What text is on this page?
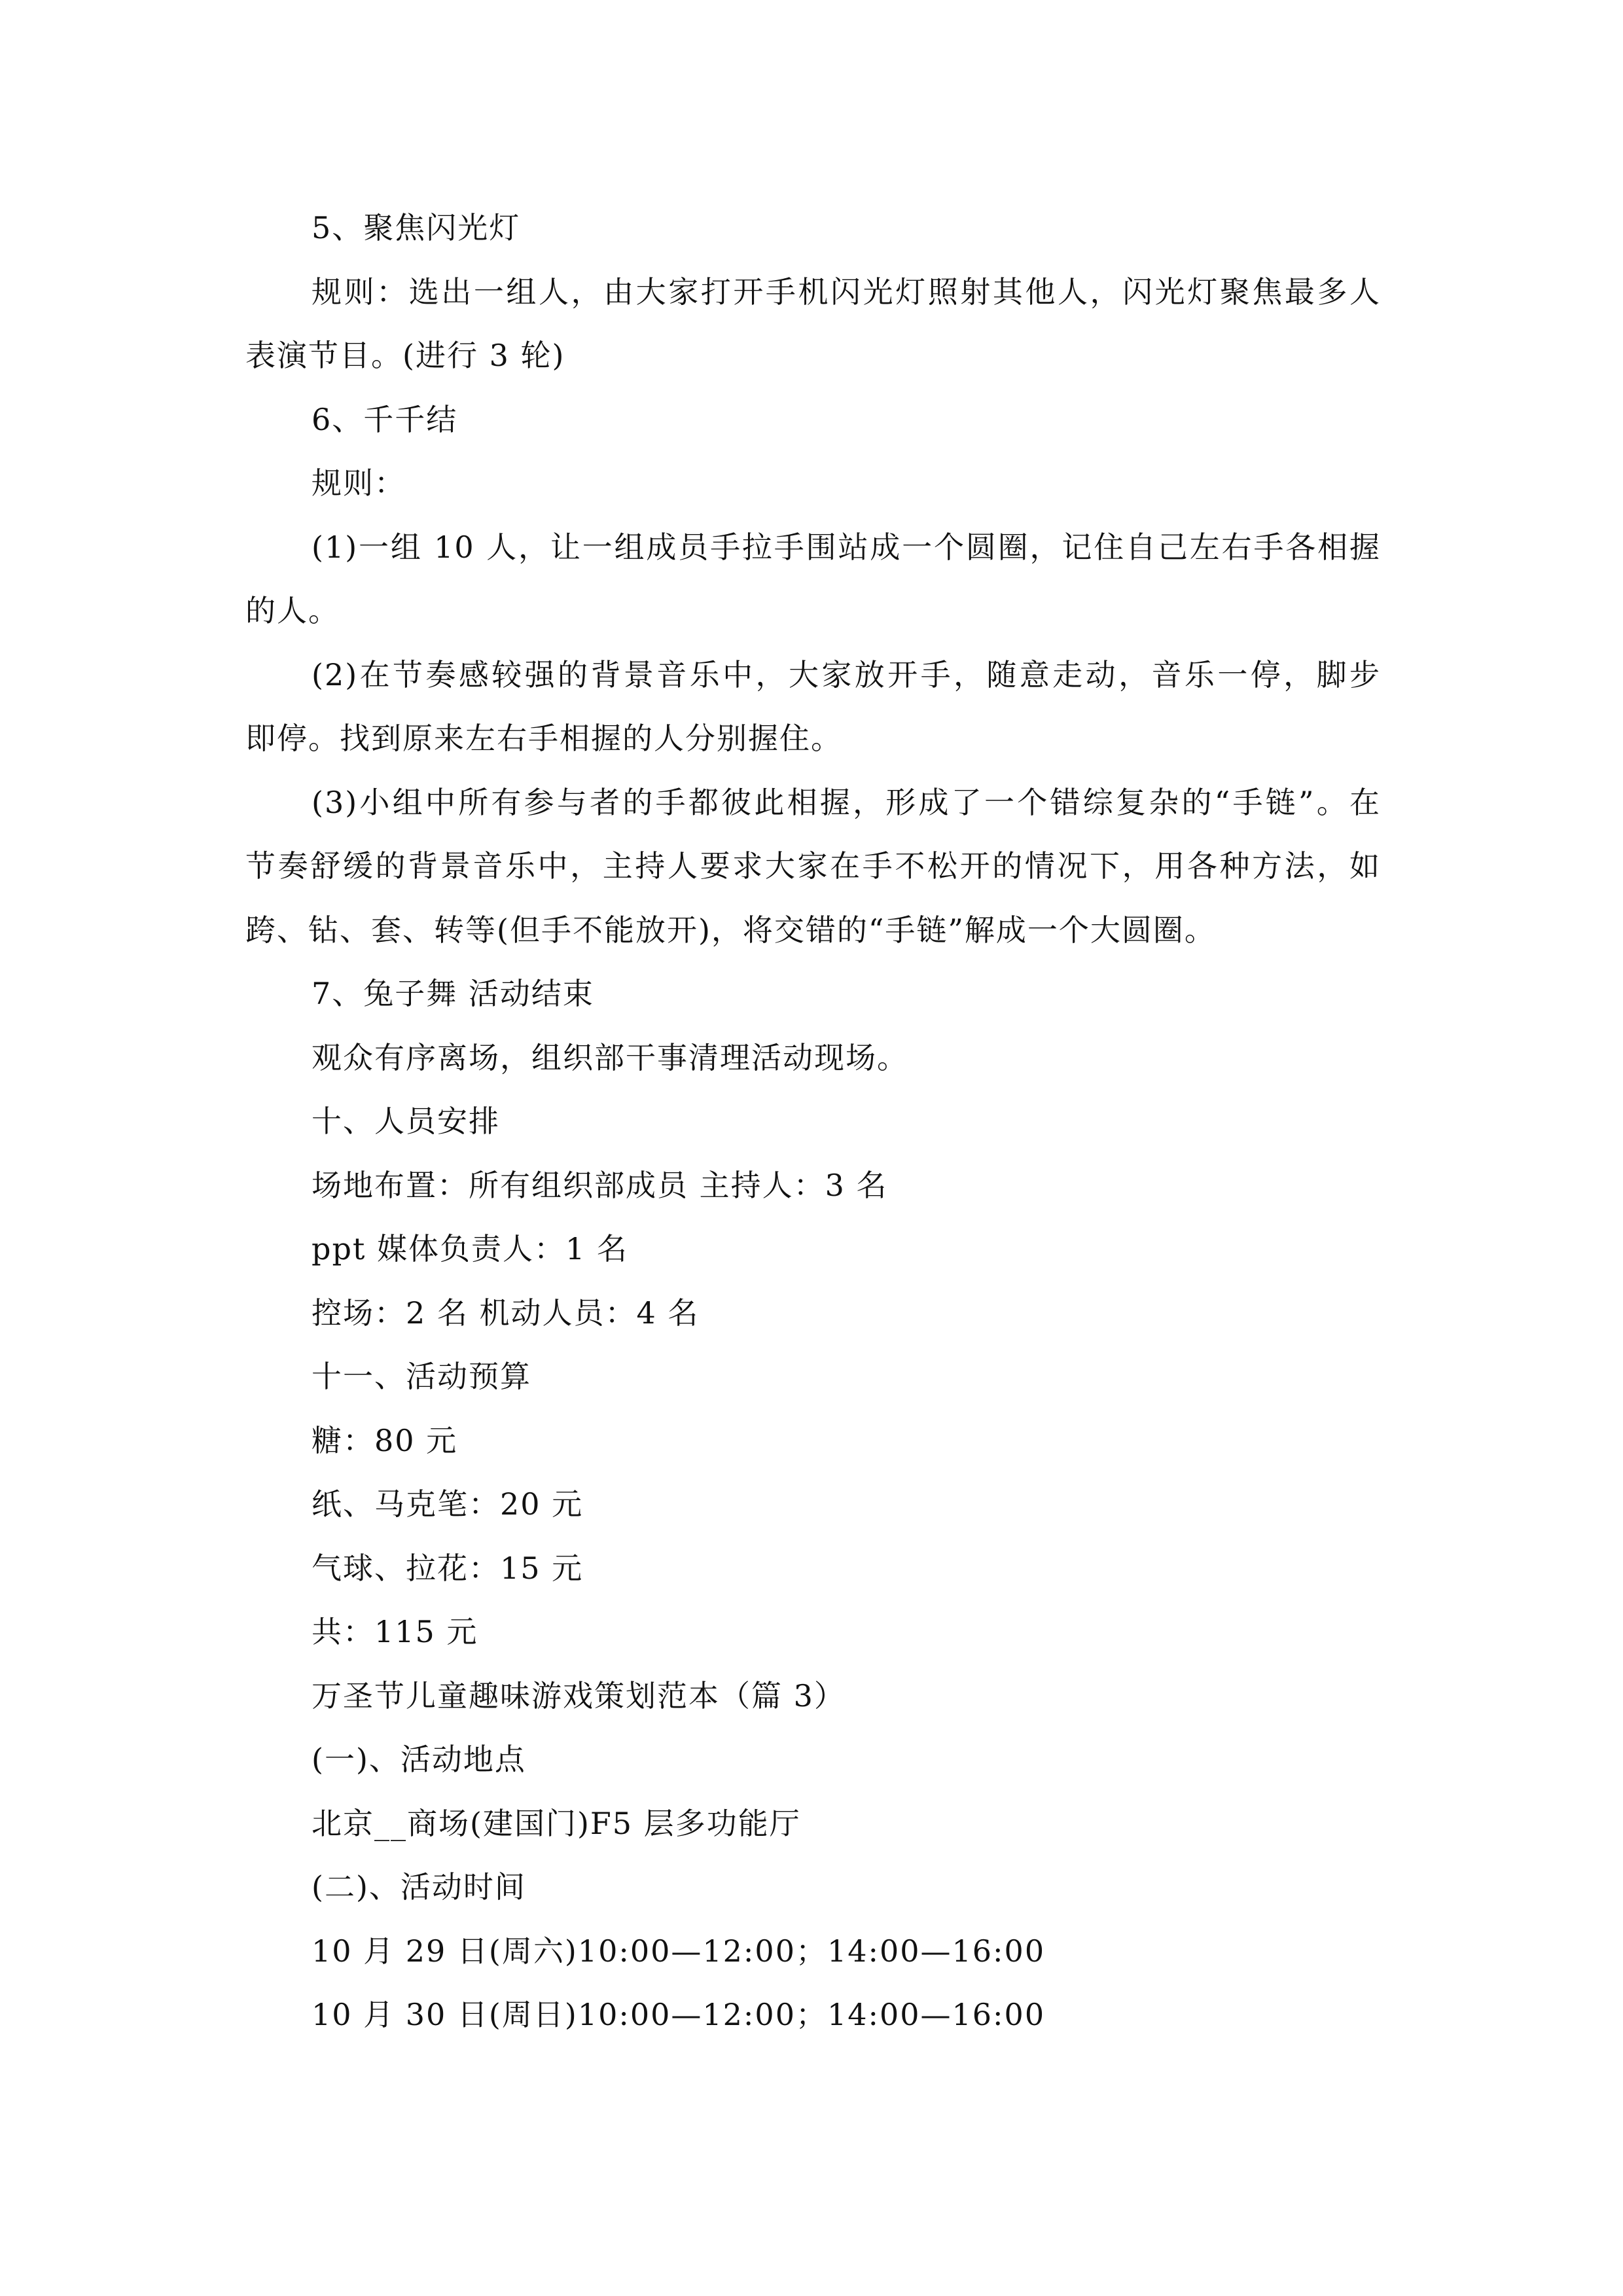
5、聚焦闪光灯
规则：选出一组人，由大家打开手机闪光灯照射其他人，闪光灯聚焦最多人
表演节目。(进行 3 轮)
6、千千结
规则：
(1)一组 10 人，让一组成员手拉手围站成一个圆圈，记住自己左右手各相握
的人。
(2)在节奏感较强的背景音乐中，大家放开手，随意走动，音乐一停，脚步
即停。找到原来左右手相握的人分别握住。
(3)小组中所有参与者的手都彼此相握，形成了一个错综复杂的“手链”。在
节奏舒缓的背景音乐中，主持人要求大家在手不松开的情况下，用各种方法，如
跨、钻、套、转等(但手不能放开)，将交错的“手链”解成一个大圆圈。
7、兔子舞 活动结束
观众有序离场，组织部干事清理活动现场。
十、人员安排
场地布置：所有组织部成员 主持人：3 名
ppt 媒体负责人：1 名
控场：2 名 机动人员：4 名
十一、活动预算
糖：80 元
纸、马克笔：20 元
气球、拉花：15 元
共：115 元
万圣节儿童趣味游戏策划范本（篇 3）
(一)、活动地点
北京__商场(建国门)F5 层多功能厅
(二)、活动时间
10 月 29 日(周六)10:00—12:00；14:00—16:00
10 月 30 日(周日)10:00—12:00；14:00—16:00
